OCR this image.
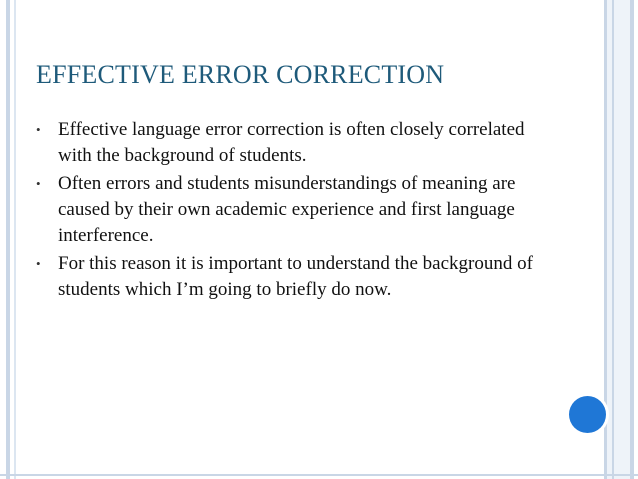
EFFECTIVE ERROR CORRECTION
• Effective language error correction is often closely correlated with the background of students.
• Often errors and students misunderstandings of meaning are caused by their own academic experience and first language interference.
• For this reason it is important to understand the background of students which I’m going to briefly do now.
